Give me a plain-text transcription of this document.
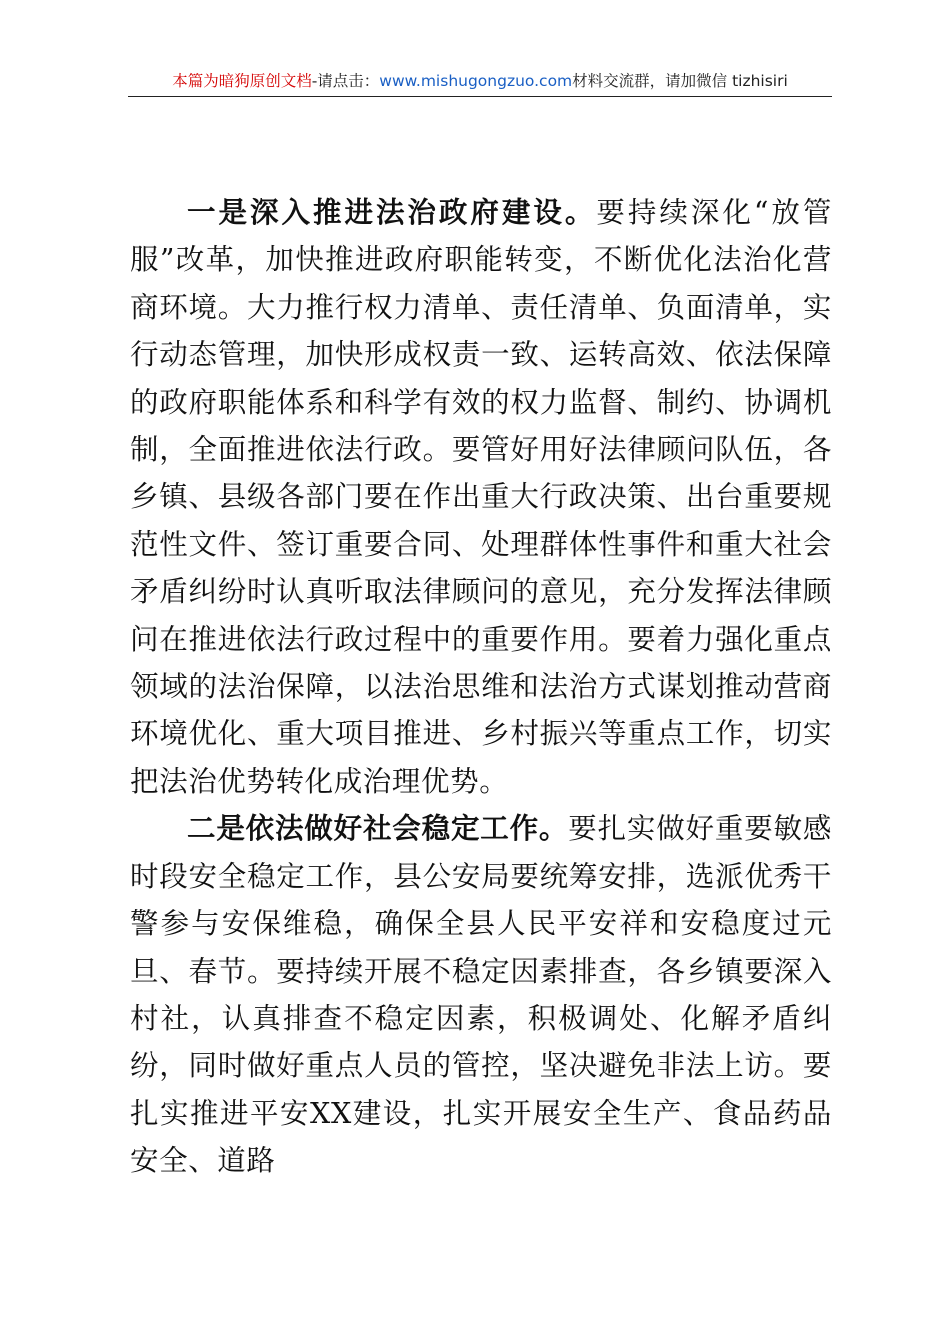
本篇为暗狗原创文档-请点击：www.mishugongzuo.com材料交流群，请加微信 tizhisiri

一是深入推进法治政府建设。要持续深化“放管服”改革，加快推进政府职能转变，不断优化法治化营商环境。大力推行权力清单、责任清单、负面清单，实行动态管理，加快形成权责一致、运转高效、依法保障的政府职能体系和科学有效的权力监督、制约、协调机制，全面推进依法行政。要管好用好法律顾问队伍，各乡镇、县级各部门要在作出重大行政决策、出台重要规范性文件、签订重要合同、处理群体性事件和重大社会矛盾纠纷时认真听取法律顾问的意见，充分发挥法律顾问在推进依法行政过程中的重要作用。要着力强化重点领域的法治保障，以法治思维和法治方式谋划推动营商环境优化、重大项目推进、乡村振兴等重点工作，切实把法治优势转化成治理优势。

二是依法做好社会稳定工作。要扎实做好重要敏感时段安全稳定工作，县公安局要统筹安排，选派优秀干警参与安保维稳，确保全县人民平安祥和安稳度过元旦、春节。要持续开展不稳定因素排查，各乡镇要深入村社，认真排查不稳定因素，积极调处、化解矛盾纠纷，同时做好重点人员的管控，坚决避免非法上访。要扎实推进平安XX建设，扎实开展安全生产、食品药品安全、道路
